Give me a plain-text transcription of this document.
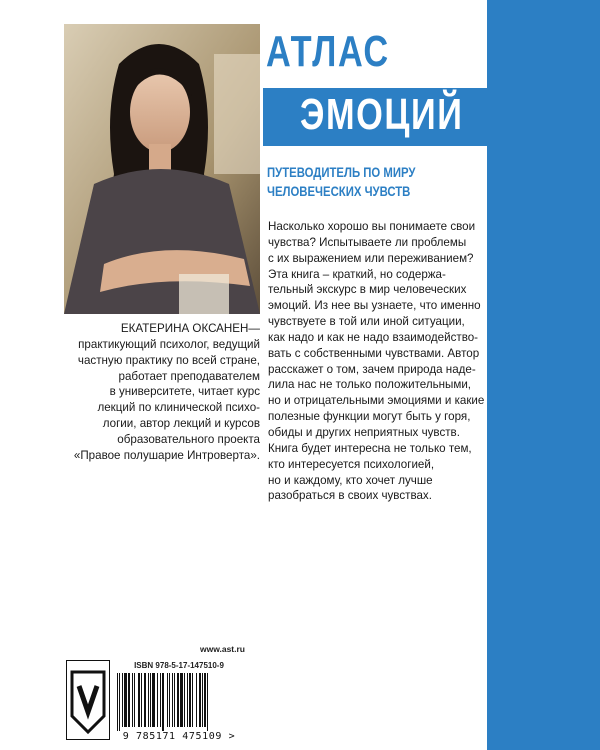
АТЛАС
ЭМОЦИЙ
ПУТЕВОДИТЕЛЬ ПО МИРУ
ЧЕЛОВЕЧЕСКИХ ЧУВСТВ
Насколько хорошо вы понимаете свои
чувства? Испытываете ли проблемы
с их выражением или переживанием?
Эта книга – краткий, но содержа-
тельный экскурс в мир человеческих
эмоций. Из нее вы узнаете, что именно
чувствуете в той или иной ситуации,
как надо и как не надо взаимодейство-
вать с собственными чувствами. Автор
расскажет о том, зачем природа наде-
лила нас не только положительными,
но и отрицательными эмоциями и какие
полезные функции могут быть у горя,
обиды и других неприятных чувств.
Книга будет интересна не только тем,
кто интересуется психологией,
но и каждому, кто хочет лучше
разобраться в своих чувствах.
ЕКАТЕРИНА ОКСАНЕН—
практикующий психолог, ведущий
частную практику по всей стране,
работает преподавателем
в университете, читает курс
лекций по клинической психо-
логии, автор лекций и курсов
образовательного проекта
«Правое полушарие Интроверта».
www.ast.ru
ISBN 978-5-17-147510-9
9 785171 475109 >
